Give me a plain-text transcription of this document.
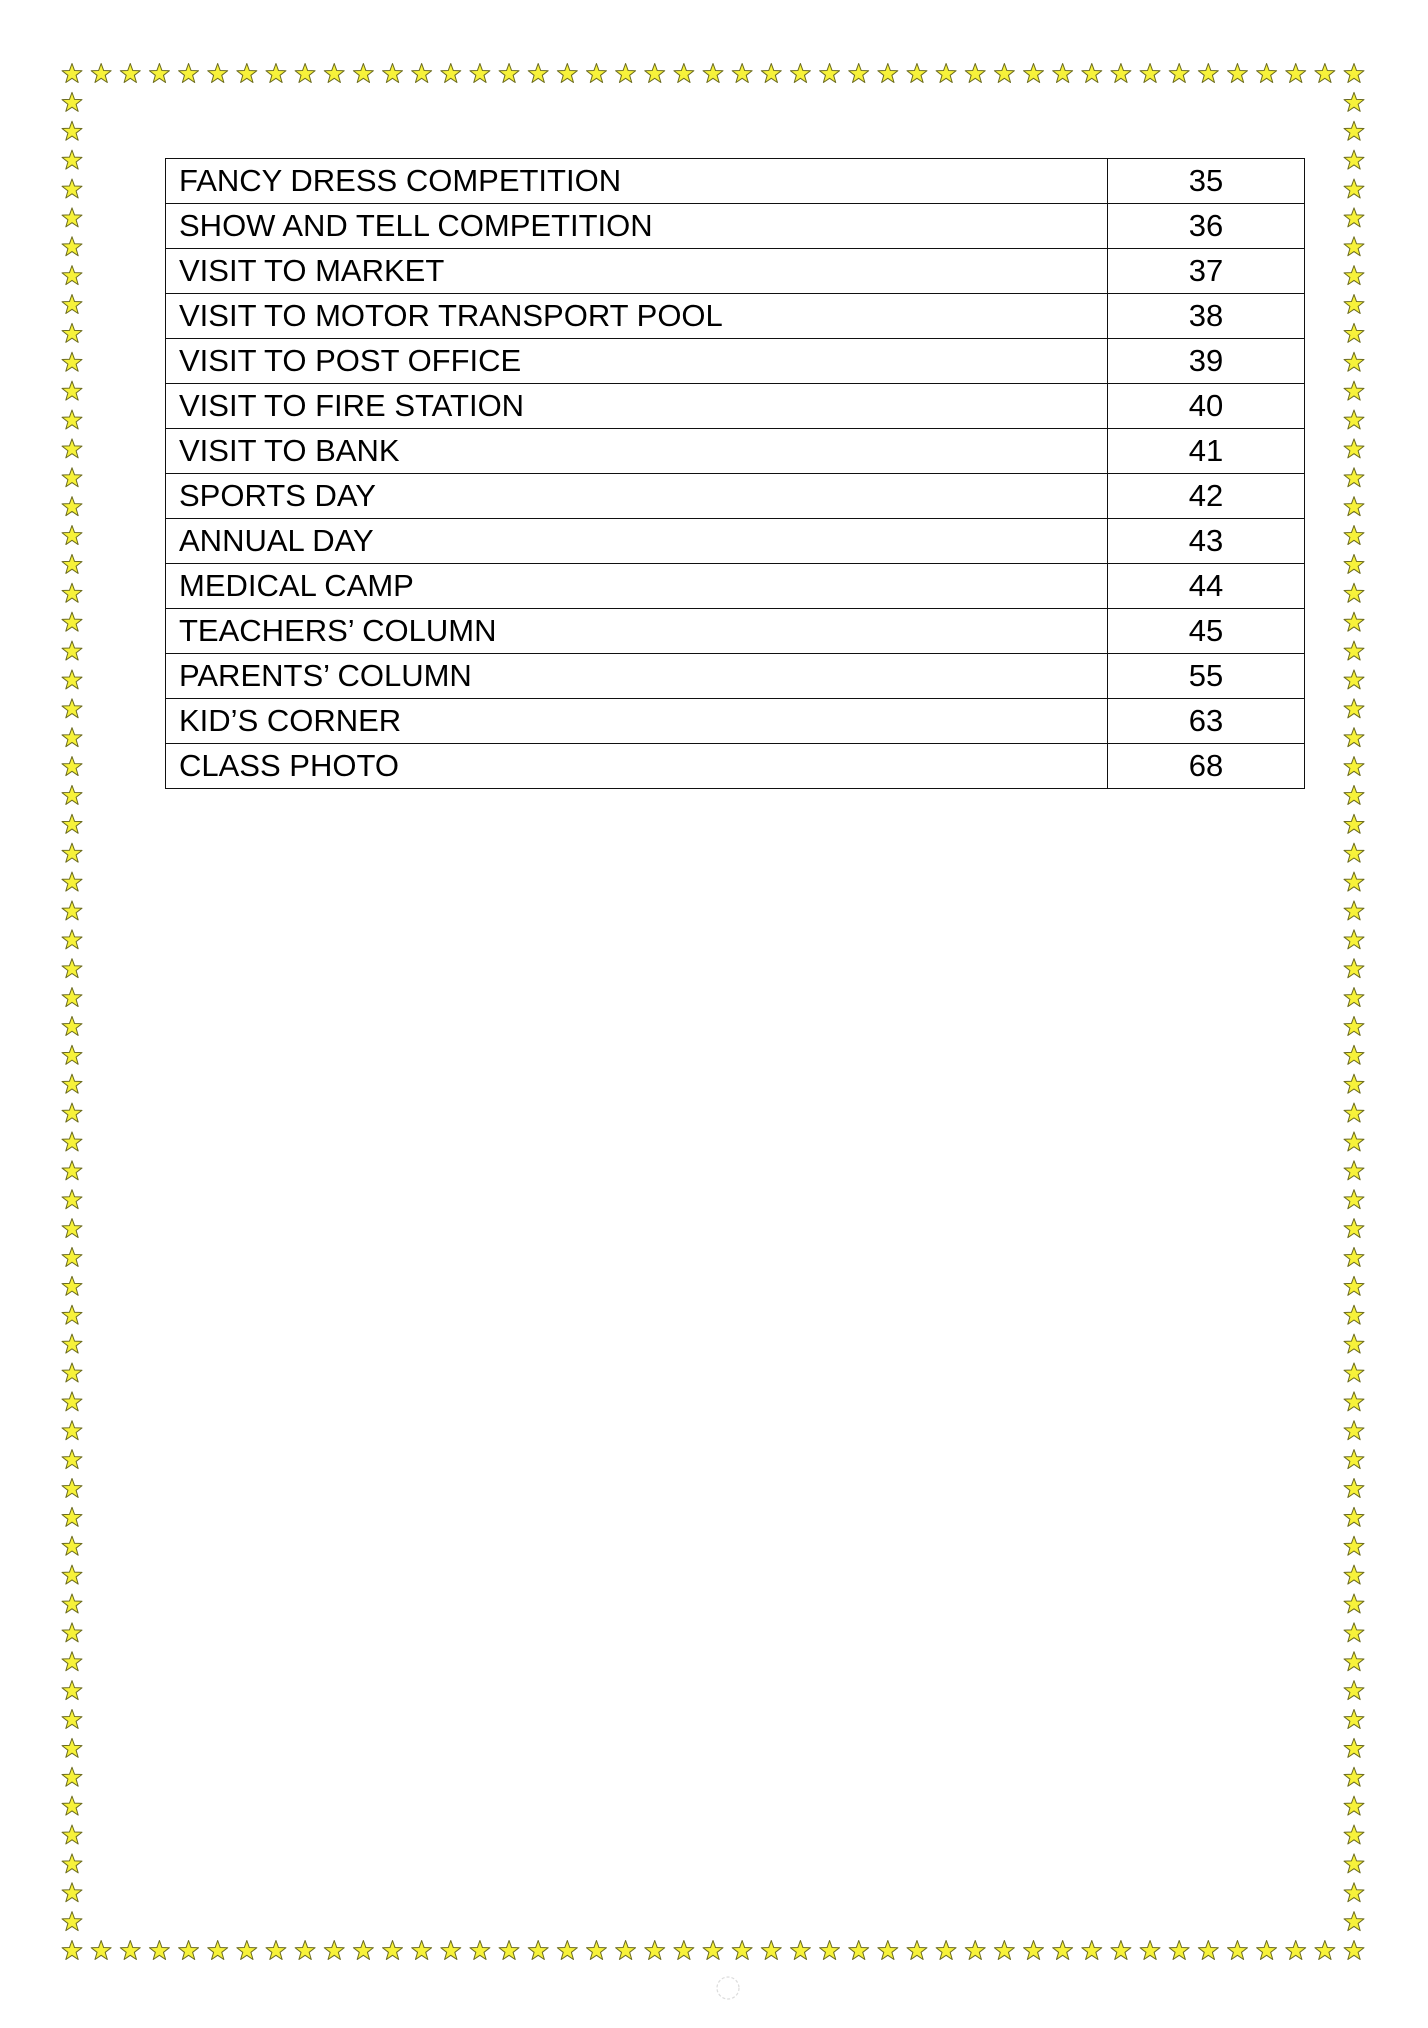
FANCY DRESS COMPETITION	35
SHOW AND TELL COMPETITION	36
VISIT TO MARKET	37
VISIT TO MOTOR TRANSPORT POOL	38
VISIT TO POST OFFICE	39
VISIT TO FIRE STATION	40
VISIT TO BANK	41
SPORTS DAY	42
ANNUAL DAY	43
MEDICAL CAMP	44
TEACHERS’ COLUMN	45
PARENTS’ COLUMN	55
KID’S CORNER	63
CLASS PHOTO	68
